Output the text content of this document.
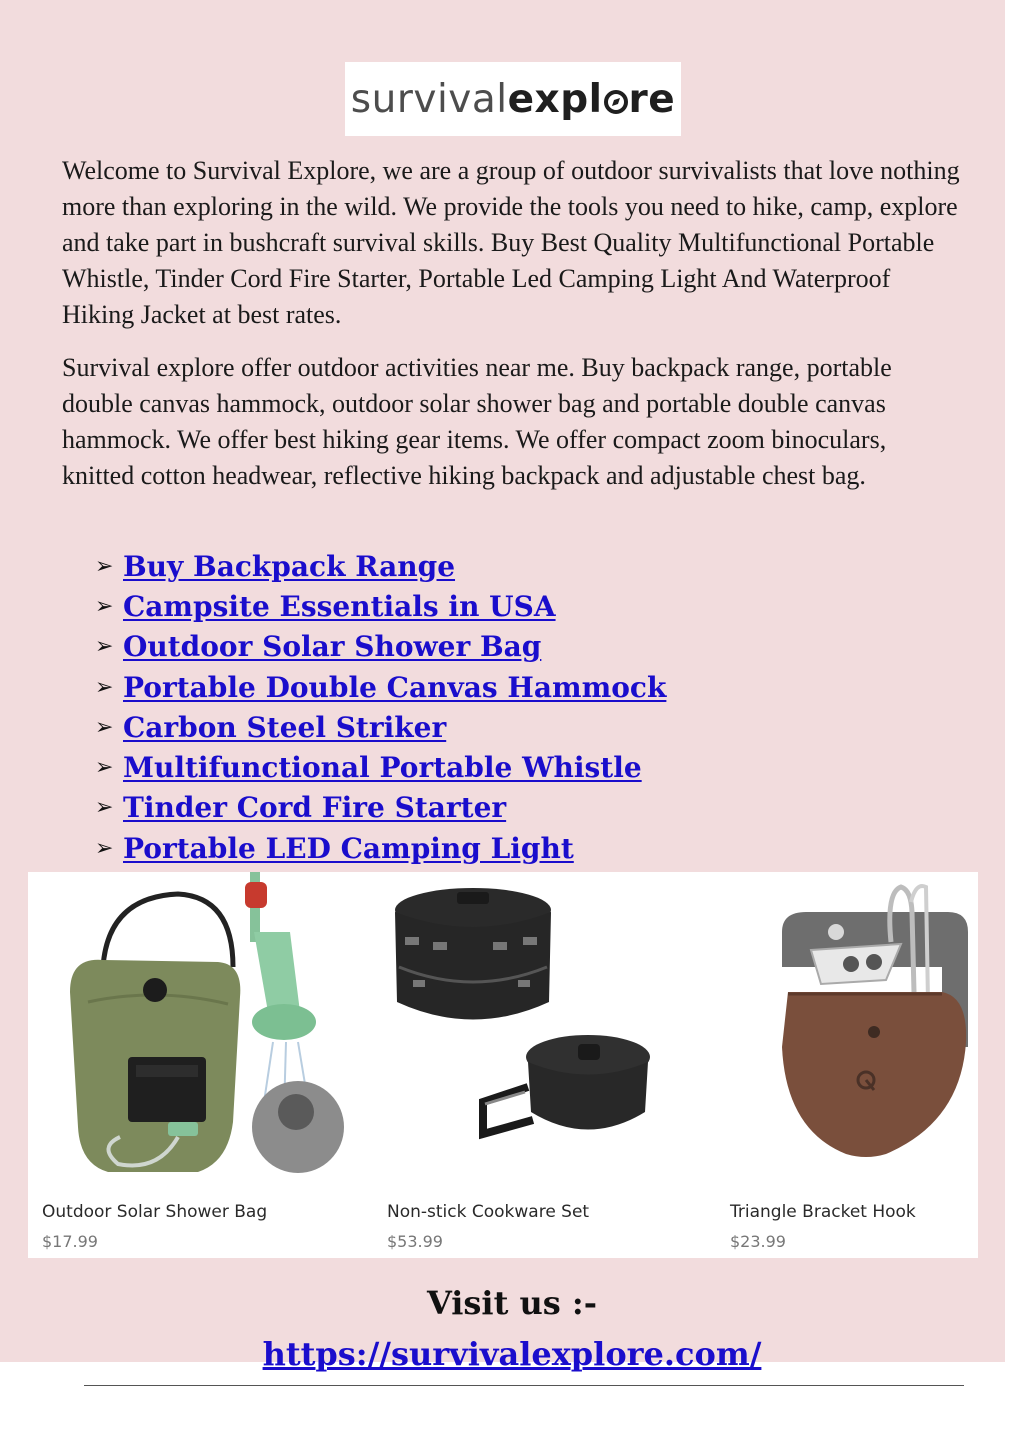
survivalexpl re

Welcome to Survival Explore, we are a group of outdoor survivalists that love nothing more than exploring in the wild. We provide the tools you need to hike, camp, explore and take part in bushcraft survival skills. Buy Best Quality Multifunctional Portable Whistle, Tinder Cord Fire Starter, Portable Led Camping Light And Waterproof Hiking Jacket at best rates.

Survival explore offer outdoor activities near me. Buy backpack range, portable double canvas hammock, outdoor solar shower bag and portable double canvas hammock. We offer best hiking gear items. We offer compact zoom binoculars, knitted cotton headwear, reflective hiking backpack and adjustable chest bag.

➢ Buy Backpack Range
➢ Campsite Essentials in USA
➢ Outdoor Solar Shower Bag
➢ Portable Double Canvas Hammock
➢ Carbon Steel Striker
➢ Multifunctional Portable Whistle
➢ Tinder Cord Fire Starter
➢ Portable LED Camping Light
Outdoor Solar Shower Bag
$17.99
Non-stick Cookware Set
$53.99
Triangle Bracket Hook
$23.99

Visit us :-

https://survivalexplore.com/
